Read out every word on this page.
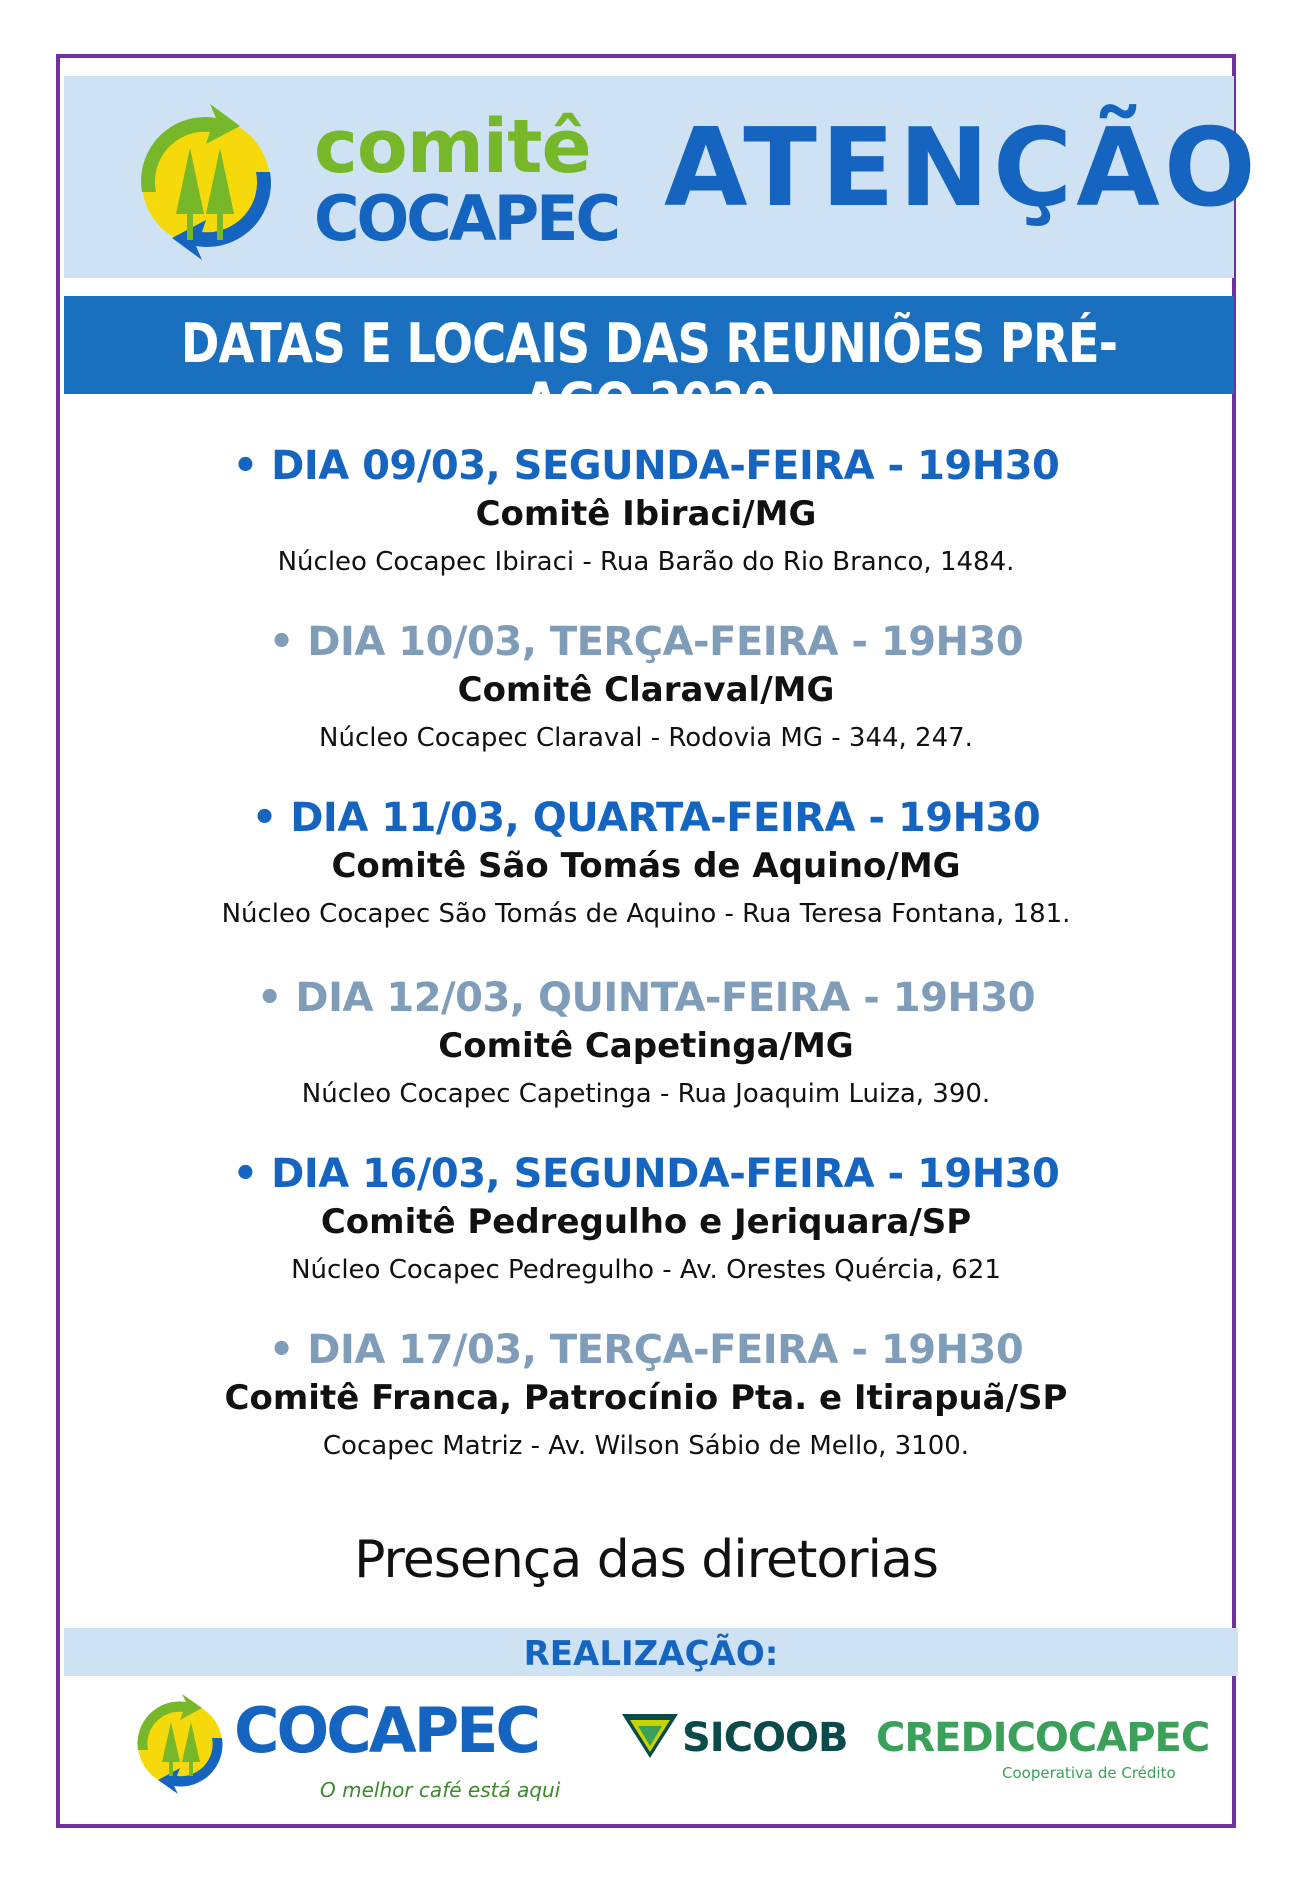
comitê
COCAPEC ATENÇÃO
DATAS E LOCAIS DAS REUNIÕES PRÉ-AGO 2020
• DIA 09/03, SEGUNDA-FEIRA - 19H30
Comitê Ibiraci/MG
Núcleo Cocapec Ibiraci - Rua Barão do Rio Branco, 1484.
• DIA 10/03, TERÇA-FEIRA - 19H30
Comitê Claraval/MG
Núcleo Cocapec Claraval - Rodovia MG - 344, 247.
• DIA 11/03, QUARTA-FEIRA - 19H30
Comitê São Tomás de Aquino/MG
Núcleo Cocapec São Tomás de Aquino - Rua Teresa Fontana, 181.
• DIA 12/03, QUINTA-FEIRA - 19H30
Comitê Capetinga/MG
Núcleo Cocapec Capetinga - Rua Joaquim Luiza, 390.
• DIA 16/03, SEGUNDA-FEIRA - 19H30
Comitê Pedregulho e Jeriquara/SP
Núcleo Cocapec Pedregulho - Av. Orestes Quércia, 621
• DIA 17/03, TERÇA-FEIRA - 19H30
Comitê Franca, Patrocínio Pta. e Itirapuã/SP
Cocapec Matriz - Av. Wilson Sábio de Mello, 3100.
Presença das diretorias
REALIZAÇÃO:
COCAPEC
O melhor café está aqui
SICOOB CREDICOCAPEC
Cooperativa de Crédito
